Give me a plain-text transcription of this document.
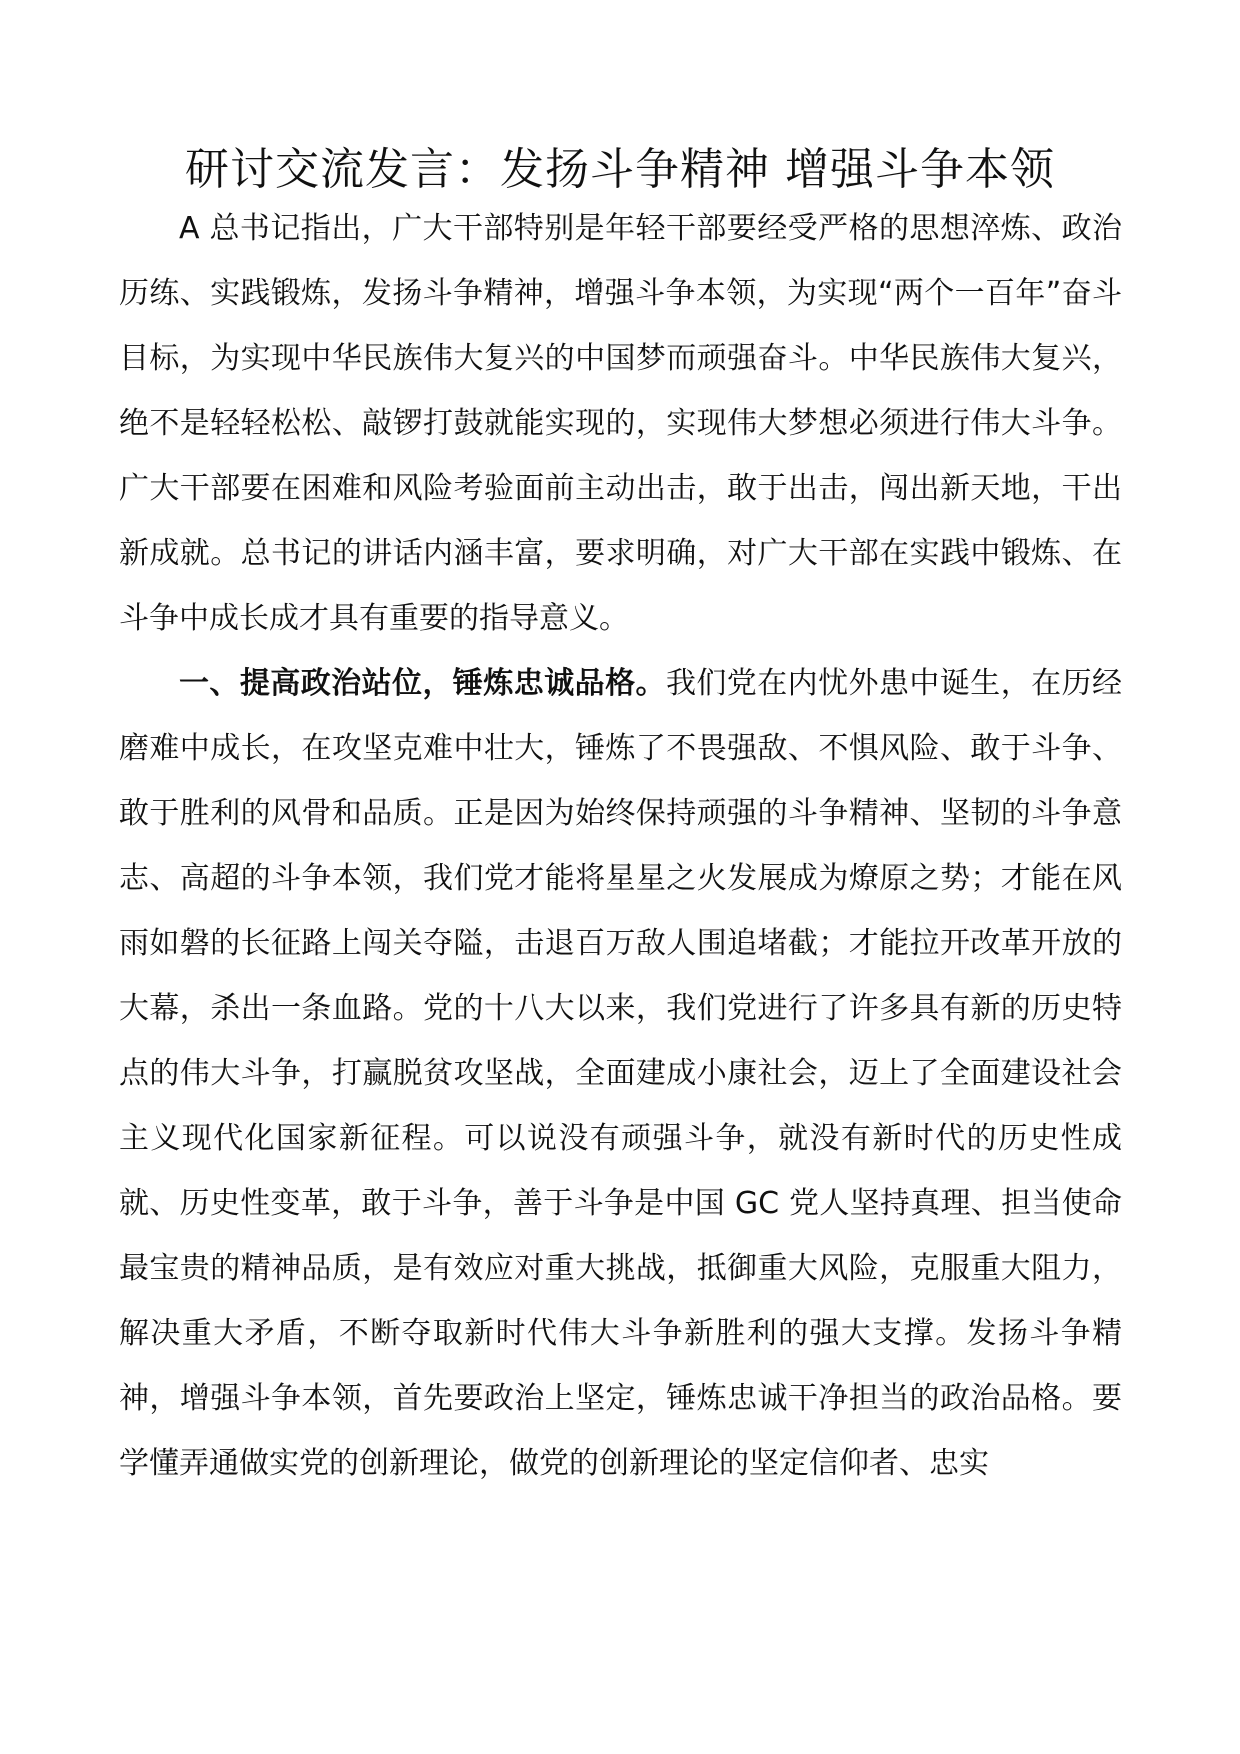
研讨交流发言：发扬斗争精神 增强斗争本领

A 总书记指出，广大干部特别是年轻干部要经受严格的思想淬炼、政治历练、实践锻炼，发扬斗争精神，增强斗争本领，为实现“两个一百年”奋斗目标，为实现中华民族伟大复兴的中国梦而顽强奋斗。中华民族伟大复兴，绝不是轻轻松松、敲锣打鼓就能实现的，实现伟大梦想必须进行伟大斗争。广大干部要在困难和风险考验面前主动出击，敢于出击，闯出新天地，干出新成就。总书记的讲话内涵丰富，要求明确，对广大干部在实践中锻炼、在斗争中成长成才具有重要的指导意义。

一、提高政治站位，锤炼忠诚品格。我们党在内忧外患中诞生，在历经磨难中成长，在攻坚克难中壮大，锤炼了不畏强敌、不惧风险、敢于斗争、敢于胜利的风骨和品质。正是因为始终保持顽强的斗争精神、坚韧的斗争意志、高超的斗争本领，我们党才能将星星之火发展成为燎原之势；才能在风雨如磐的长征路上闯关夺隘，击退百万敌人围追堵截；才能拉开改革开放的大幕，杀出一条血路。党的十八大以来，我们党进行了许多具有新的历史特点的伟大斗争，打赢脱贫攻坚战，全面建成小康社会，迈上了全面建设社会主义现代化国家新征程。可以说没有顽强斗争，就没有新时代的历史性成就、历史性变革，敢于斗争，善于斗争是中国 GC 党人坚持真理、担当使命最宝贵的精神品质，是有效应对重大挑战，抵御重大风险，克服重大阻力，解决重大矛盾，不断夺取新时代伟大斗争新胜利的强大支撑。发扬斗争精神，增强斗争本领，首先要政治上坚定，锤炼忠诚干净担当的政治品格。要学懂弄通做实党的创新理论，做党的创新理论的坚定信仰者、忠实
